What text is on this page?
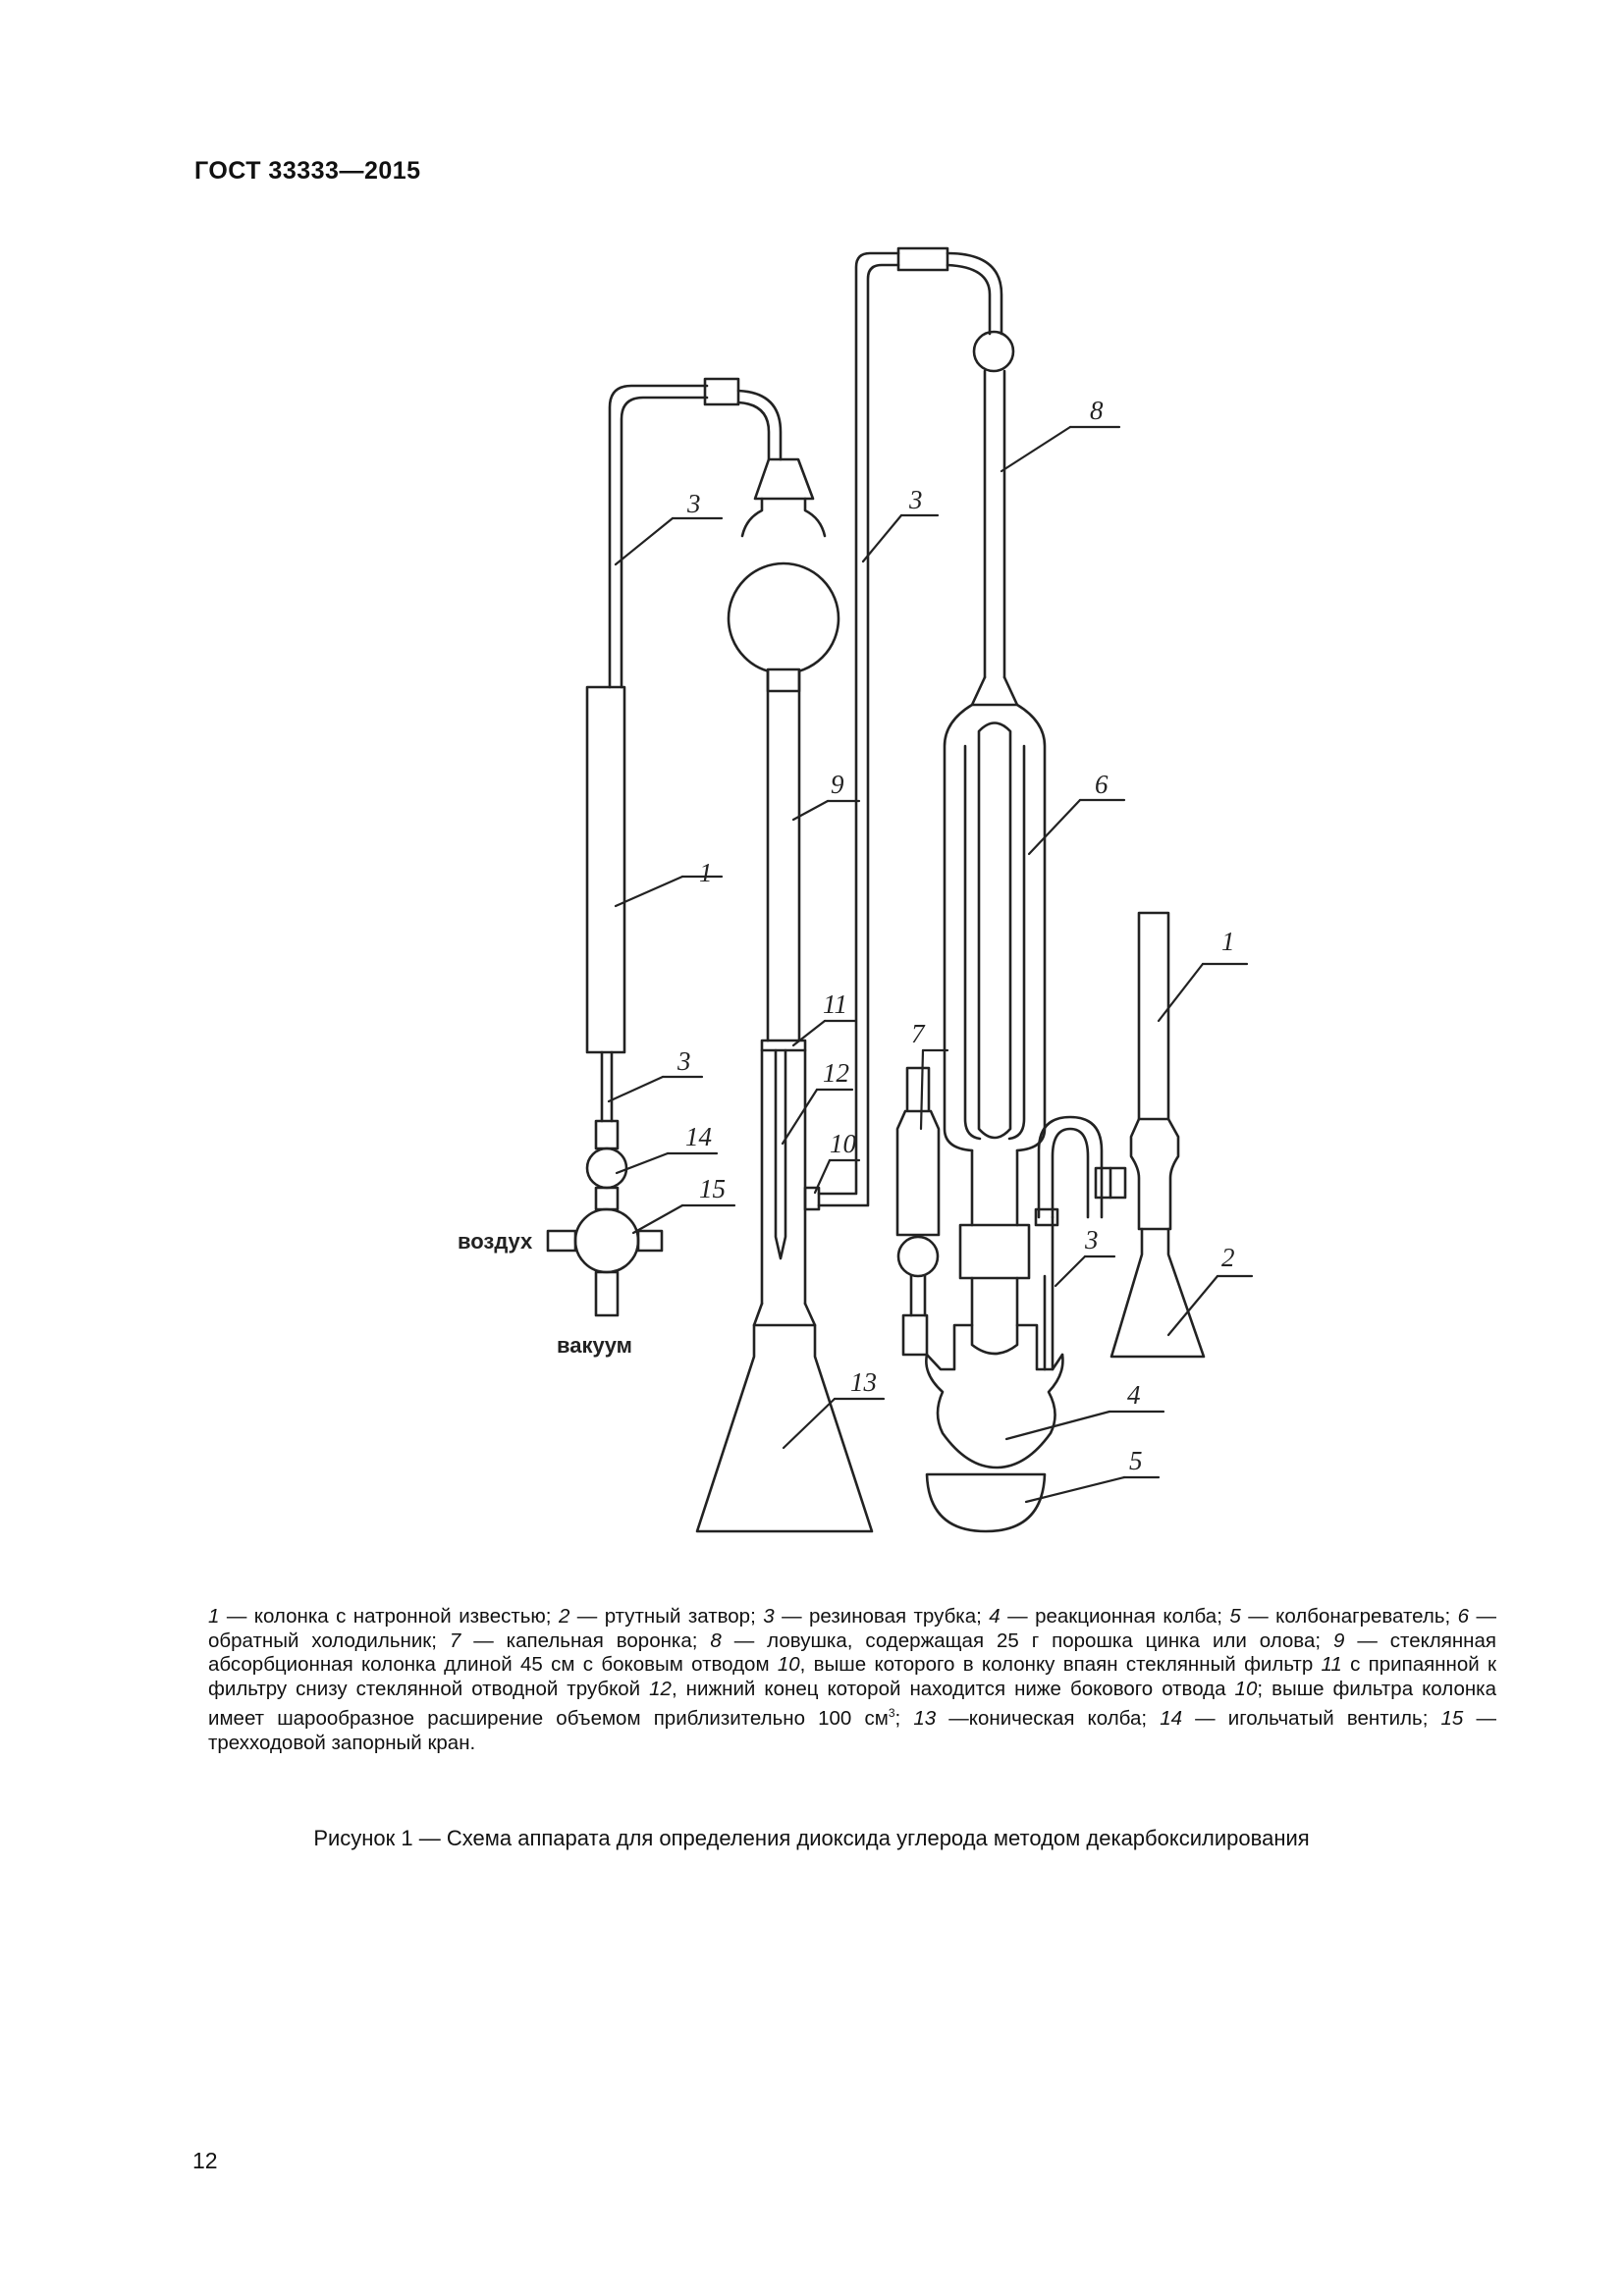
ГОСТ 33333—2015
1
1
2
3
3
3
3
4
5
6
7
8
9
10
11
12
13
14
15
воздух
вакуум
1 — колонка с натронной известью; 2 — ртутный затвор; 3 — резиновая трубка; 4 — реакционная колба; 5 — колбонагреватель; 6 — обратный холодильник; 7 — капельная воронка; 8 — ловушка, содержащая 25 г порошка цинка или олова; 9 — стеклянная абсорбционная колонка длиной 45 см с боковым отводом 10, выше которого в колонку впаян стеклянный фильтр 11 с припаянной к фильтру снизу стеклянной отводной трубкой 12, нижний конец которой находится ниже бокового отвода 10; выше фильтра колонка имеет шарообразное расширение объемом приблизительно 100 $см^3$; 13 —коническая колба; 14 — игольчатый вентиль; 15 — трехходовой запорный кран.
Рисунок 1 — Схема аппарата для определения диоксида углерода методом декарбоксилирования
12
